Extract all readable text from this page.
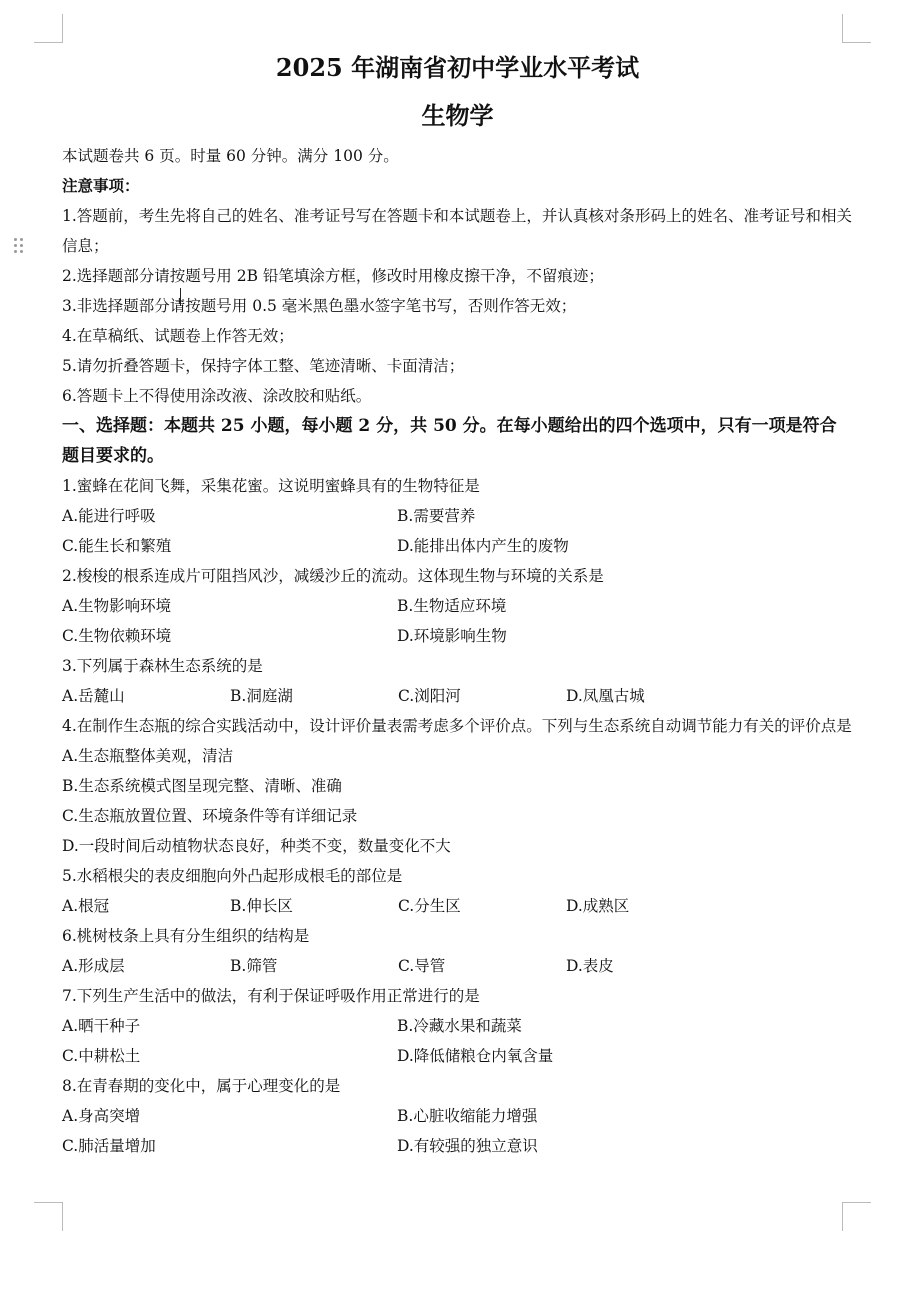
2025 年湖南省初中学业水平考试
生物学
本试题卷共 6 页。时量 60 分钟。满分 100 分。
注意事项：
1.答题前，考生先将自己的姓名、准考证号写在答题卡和本试题卷上，并认真核对条形码上的姓名、准考证号和相关信息；
2.选择题部分请按题号用 2B 铅笔填涂方框，修改时用橡皮擦干净，不留痕迹；
3.非选择题部分请按题号用 0.5 毫米黑色墨水签字笔书写，否则作答无效；
4.在草稿纸、试题卷上作答无效；
5.请勿折叠答题卡，保持字体工整、笔迹清晰、卡面清洁；
6.答题卡上不得使用涂改液、涂改胶和贴纸。
一、选择题：本题共 25 小题，每小题 2 分，共 50 分。在每小题给出的四个选项中，只有一项是符合题目要求的。
1.蜜蜂在花间飞舞，采集花蜜。这说明蜜蜂具有的生物特征是
A.能进行呼吸	B.需要营养
C.能生长和繁殖	D.能排出体内产生的废物
2.梭梭的根系连成片可阻挡风沙，减缓沙丘的流动。这体现生物与环境的关系是
A.生物影响环境	B.生物适应环境
C.生物依赖环境	D.环境影响生物
3.下列属于森林生态系统的是
A.岳麓山	B.洞庭湖	C.浏阳河	D.凤凰古城
4.在制作生态瓶的综合实践活动中，设计评价量表需考虑多个评价点。下列与生态系统自动调节能力有关的评价点是
A.生态瓶整体美观，清洁
B.生态系统模式图呈现完整、清晰、准确
C.生态瓶放置位置、环境条件等有详细记录
D.一段时间后动植物状态良好，种类不变，数量变化不大
5.水稻根尖的表皮细胞向外凸起形成根毛的部位是
A.根冠	B.伸长区	C.分生区	D.成熟区
6.桃树枝条上具有分生组织的结构是
A.形成层	B.筛管	C.导管	D.表皮
7.下列生产生活中的做法，有利于保证呼吸作用正常进行的是
A.晒干种子	B.冷藏水果和蔬菜
C.中耕松土	D.降低储粮仓内氧含量
8.在青春期的变化中，属于心理变化的是
A.身高突增	B.心脏收缩能力增强
C.肺活量增加	D.有较强的独立意识
